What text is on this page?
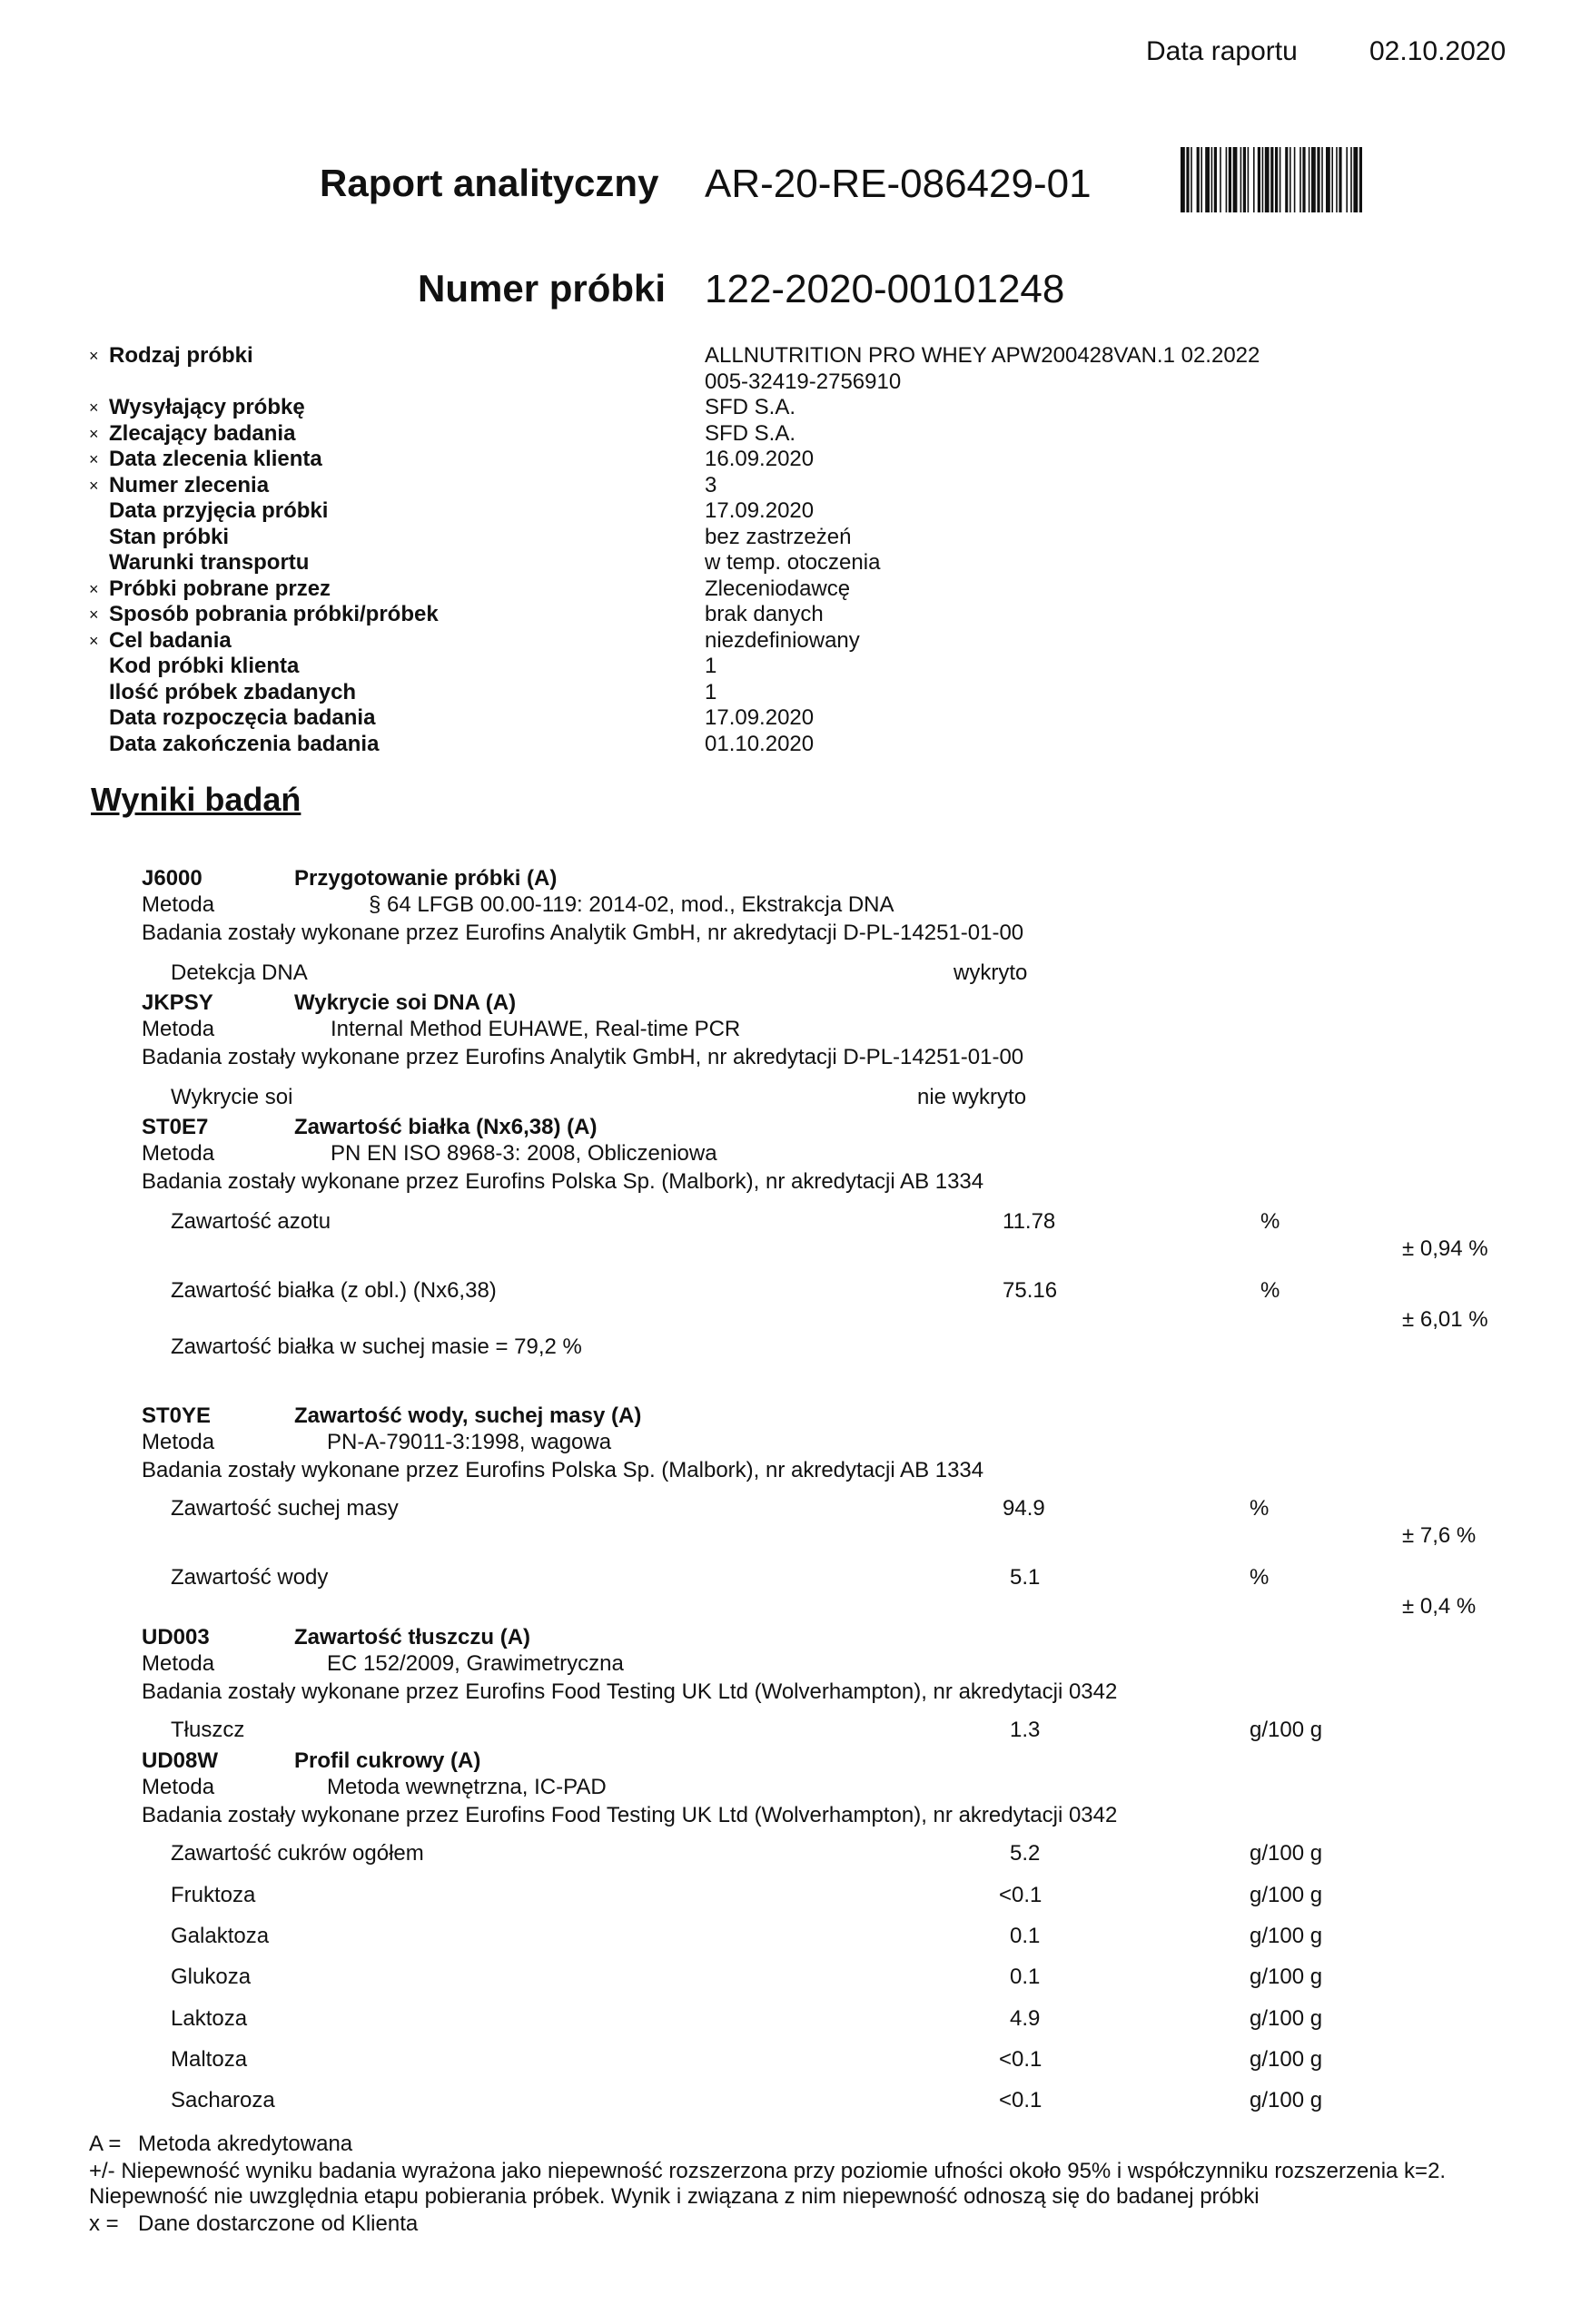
Data raportu	02.10.2020
Raport analityczny AR-20-RE-086429-01
Numer próbki 122-2020-00101248
× Rodzaj próbki	ALLNUTRITION PRO WHEY APW200428VAN.1 02.2022
005-32419-2756910
× Wysyłający próbkę	SFD S.A.
× Zlecający badania	SFD S.A.
× Data zlecenia klienta	16.09.2020
× Numer zlecenia	3
Data przyjęcia próbki	17.09.2020
Stan próbki	bez zastrzeżeń
Warunki transportu	w temp. otoczenia
× Próbki pobrane przez	Zleceniodawcę
× Sposób pobrania próbki/próbek	brak danych
× Cel badania	niezdefiniowany
Kod próbki klienta	1
Ilość próbek zbadanych	1
Data rozpoczęcia badania	17.09.2020
Data zakończenia badania	01.10.2020
Wyniki badań
J6000	Przygotowanie próbki (A)
Metoda	§ 64 LFGB 00.00-119: 2014-02, mod., Ekstrakcja DNA
Badania zostały wykonane przez Eurofins Analytik GmbH, nr akredytacji D-PL-14251-01-00
Detekcja DNA	wykryto
JKPSY	Wykrycie soi DNA (A)
Metoda	Internal Method EUHAWE, Real-time PCR
Badania zostały wykonane przez Eurofins Analytik GmbH, nr akredytacji D-PL-14251-01-00
Wykrycie soi	nie wykryto
ST0E7	Zawartość białka (Nx6,38) (A)
Metoda	PN EN ISO 8968-3: 2008, Obliczeniowa
Badania zostały wykonane przez Eurofins Polska Sp. (Malbork), nr akredytacji AB 1334
Zawartość azotu	11.78	%
± 0,94 %
Zawartość białka (z obl.) (Nx6,38)	75.16	%
± 6,01 %
Zawartość białka w suchej masie = 79,2 %
ST0YE	Zawartość wody, suchej masy (A)
Metoda	PN-A-79011-3:1998, wagowa
Badania zostały wykonane przez Eurofins Polska Sp. (Malbork), nr akredytacji AB 1334
Zawartość suchej masy	94.9	%
± 7,6 %
Zawartość wody	5.1	%
± 0,4 %
UD003	Zawartość tłuszczu (A)
Metoda	EC 152/2009, Grawimetryczna
Badania zostały wykonane przez Eurofins Food Testing UK Ltd (Wolverhampton), nr akredytacji 0342
Tłuszcz	1.3	g/100 g
UD08W	Profil cukrowy (A)
Metoda	Metoda wewnętrzna, IC-PAD
Badania zostały wykonane przez Eurofins Food Testing UK Ltd (Wolverhampton), nr akredytacji 0342
Zawartość cukrów ogółem	5.2	g/100 g
Fruktoza	<0.1	g/100 g
Galaktoza	0.1	g/100 g
Glukoza	0.1	g/100 g
Laktoza	4.9	g/100 g
Maltoza	<0.1	g/100 g
Sacharoza	<0.1	g/100 g
A = Metoda akredytowana
+/- Niepewność wyniku badania wyrażona jako niepewność rozszerzona przy poziomie ufności około 95% i współczynniku rozszerzenia k=2.
Niepewność nie uwzględnia etapu pobierania próbek. Wynik i związana z nim niepewność odnoszą się do badanej próbki
x = Dane dostarczone od Klienta
